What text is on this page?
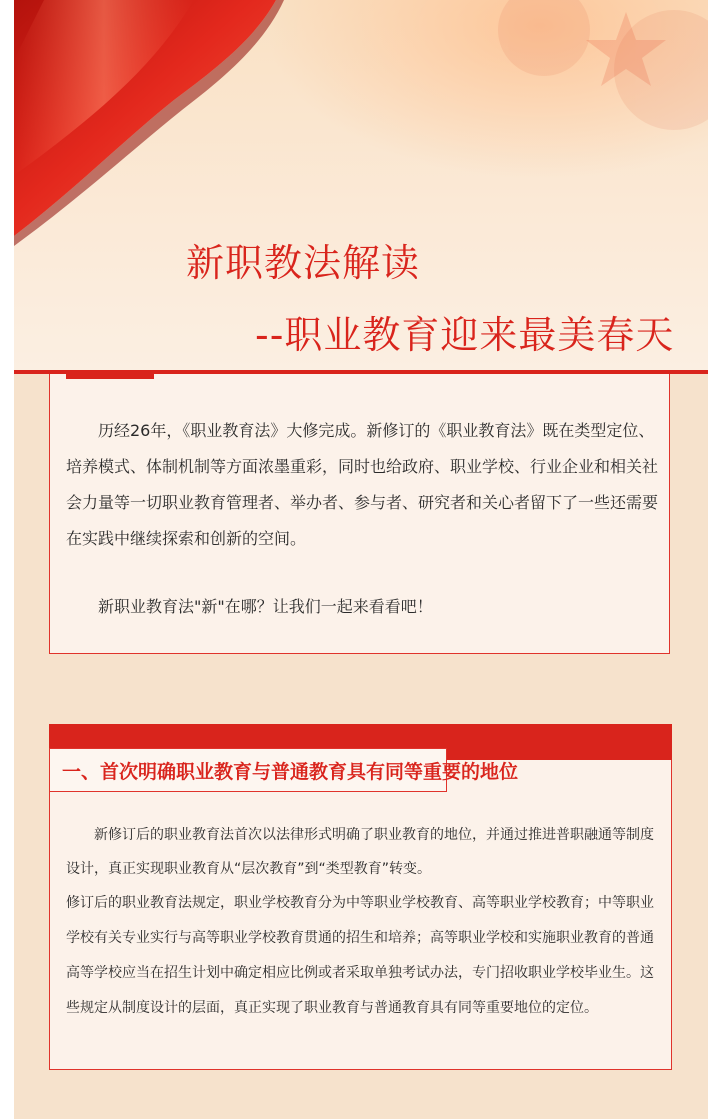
新职教法解读
--职业教育迎来最美春天

历经26年，《职业教育法》大修完成。新修订的《职业教育法》既在类型定位、培养模式、体制机制等方面浓墨重彩，同时也给政府、职业学校、行业企业和相关社会力量等一切职业教育管理者、举办者、参与者、研究者和关心者留下了一些还需要在实践中继续探索和创新的空间。

新职业教育法"新"在哪？让我们一起来看看吧！

一、首次明确职业教育与普通教育具有同等重要的地位

新修订后的职业教育法首次以法律形式明确了职业教育的地位，并通过推进普职融通等制度设计，真正实现职业教育从“层次教育”到“类型教育”转变。

修订后的职业教育法规定，职业学校教育分为中等职业学校教育、高等职业学校教育；中等职业学校有关专业实行与高等职业学校教育贯通的招生和培养；高等职业学校和实施职业教育的普通高等学校应当在招生计划中确定相应比例或者采取单独考试办法，专门招收职业学校毕业生。这些规定从制度设计的层面，真正实现了职业教育与普通教育具有同等重要地位的定位。
